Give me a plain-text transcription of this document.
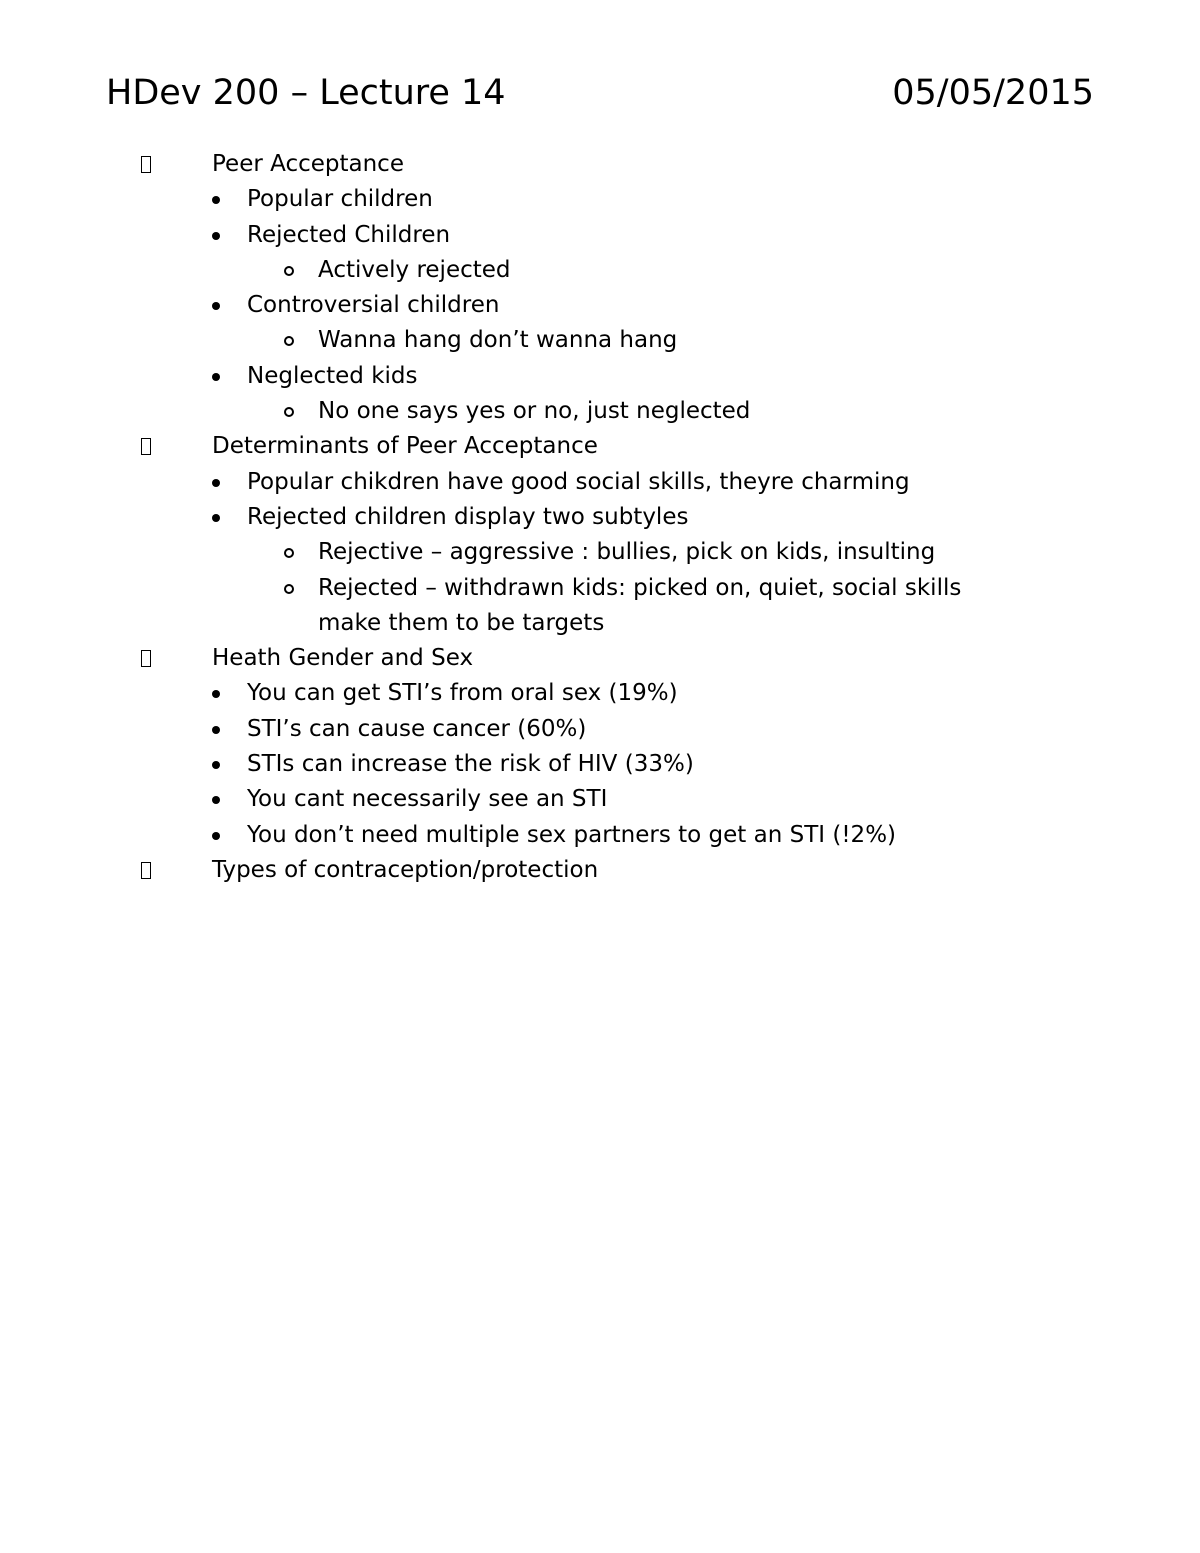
HDev 200 – Lecture 14	05/05/2015
Peer Acceptance
Popular children
Rejected Children
Actively rejected
Controversial children
Wanna hang don’t wanna hang
Neglected kids
No one says yes or no, just neglected
Determinants of Peer Acceptance
Popular chikdren have good social skills, theyre charming
Rejected children display two subtyles
Rejective – aggressive : bullies, pick on kids, insulting
Rejected – withdrawn kids: picked on, quiet, social skills make them to be targets
Heath Gender and Sex
You can get STI’s from oral sex (19%)
STI’s can cause cancer (60%)
STIs can increase the risk of HIV (33%)
You cant necessarily see an STI
You don’t need multiple sex partners to get an STI (!2%)
Types of contraception/protection
